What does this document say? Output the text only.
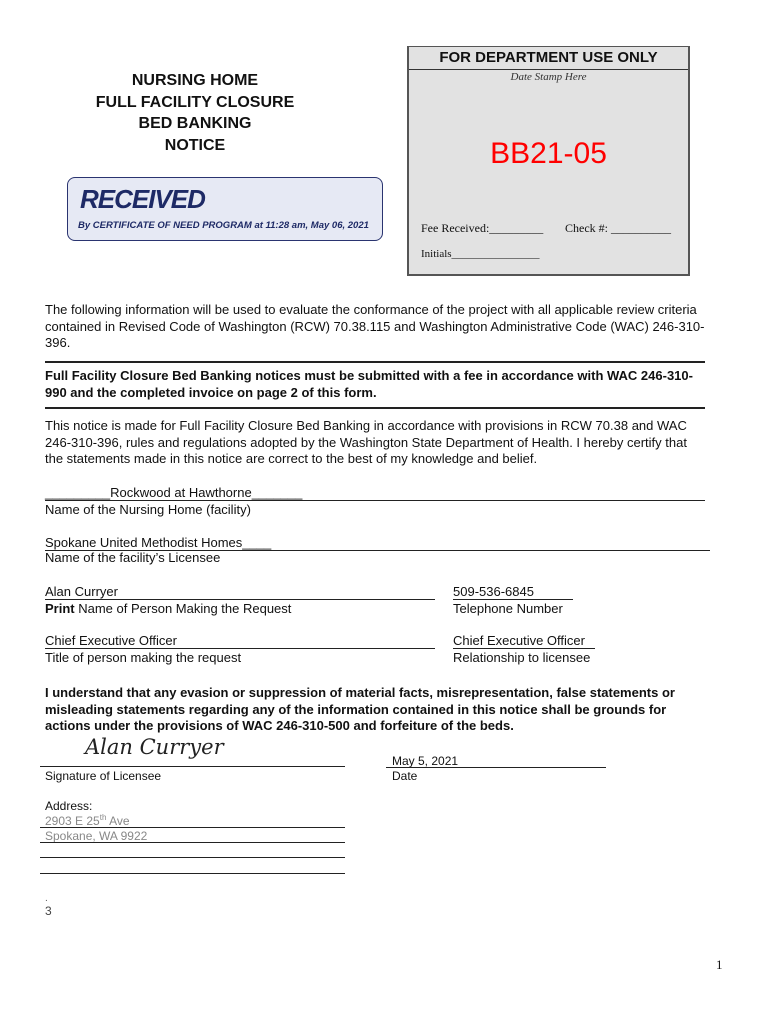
NURSING HOME
FULL FACILITY CLOSURE
BED BANKING
NOTICE
FOR DEPARTMENT USE ONLY
Date Stamp Here
BB21-05
Fee Received:_________ Check #: __________
Initials________________
RECEIVED
By CERTIFICATE OF NEED PROGRAM at 11:28 am, May 06, 2021
The following information will be used to evaluate the conformance of the project with all applicable review criteria contained in Revised Code of Washington (RCW) 70.38.115 and Washington Administrative Code (WAC) 246-310-396.
Full Facility Closure Bed Banking notices must be submitted with a fee in accordance with WAC 246-310-990 and the completed invoice on page 2 of this form.
This notice is made for Full Facility Closure Bed Banking in accordance with provisions in RCW 70.38 and WAC 246-310-396, rules and regulations adopted by the Washington State Department of Health. I hereby certify that the statements made in this notice are correct to the best of my knowledge and belief.
_________Rockwood at Hawthorne_______
Name of the Nursing Home (facility)
Spokane United Methodist Homes____
Name of the facility’s Licensee
Alan Curryer
Print Name of Person Making the Request
509-536-6845
Telephone Number
Chief Executive Officer
Title of person making the request
Chief Executive Officer
Relationship to licensee
I understand that any evasion or suppression of material facts, misrepresentation, false statements or misleading statements regarding any of the information contained in this notice shall be grounds for actions under the provisions of WAC 246-310-500 and forfeiture of the beds.
Alan Curryer
Signature of Licensee
May 5, 2021
Date
Address:
2903 E 25th Ave
Spokane, WA 9922
.
3
1
